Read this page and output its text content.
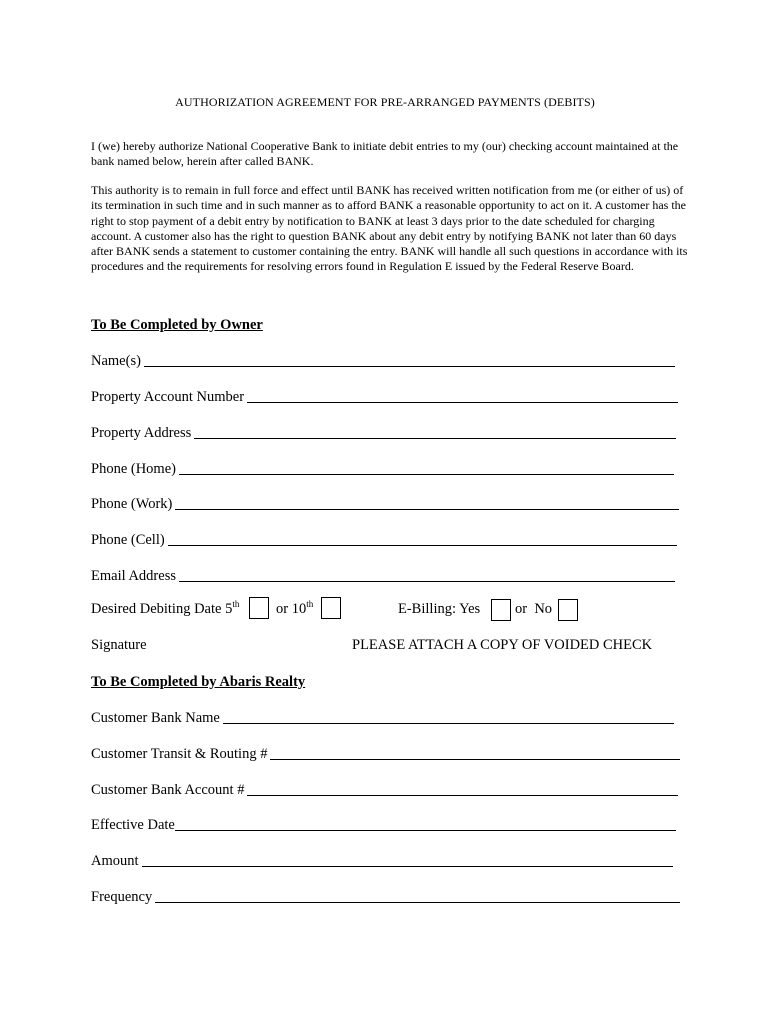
AUTHORIZATION AGREEMENT FOR PRE-ARRANGED PAYMENTS (DEBITS)
I (we) hereby authorize National Cooperative Bank to initiate debit entries to my (our) checking account maintained at the bank named below, herein after called BANK.
This authority is to remain in full force and effect until BANK has received written notification from me (or either of us) of its termination in such time and in such manner as to afford BANK a reasonable opportunity to act on it. A customer has the right to stop payment of a debit entry by notification to BANK at least 3 days prior to the date scheduled for charging account. A customer also has the right to question BANK about any debit entry by notifying BANK not later than 60 days after BANK sends a statement to customer containing the entry. BANK will handle all such questions in accordance with its procedures and the requirements for resolving errors found in Regulation E issued by the Federal Reserve Board.
To Be Completed by Owner
Name(s)
Property Account Number
Property Address
Phone (Home)
Phone (Work)
Phone (Cell)
Email Address
Desired Debiting Date 5th	or 10th	E-Billing: Yes or  No
Signature	PLEASE ATTACH A COPY OF VOIDED CHECK
To Be Completed by Abaris Realty
Customer Bank Name
Customer Transit & Routing #
Customer Bank Account #
Effective Date
Amount
Frequency
